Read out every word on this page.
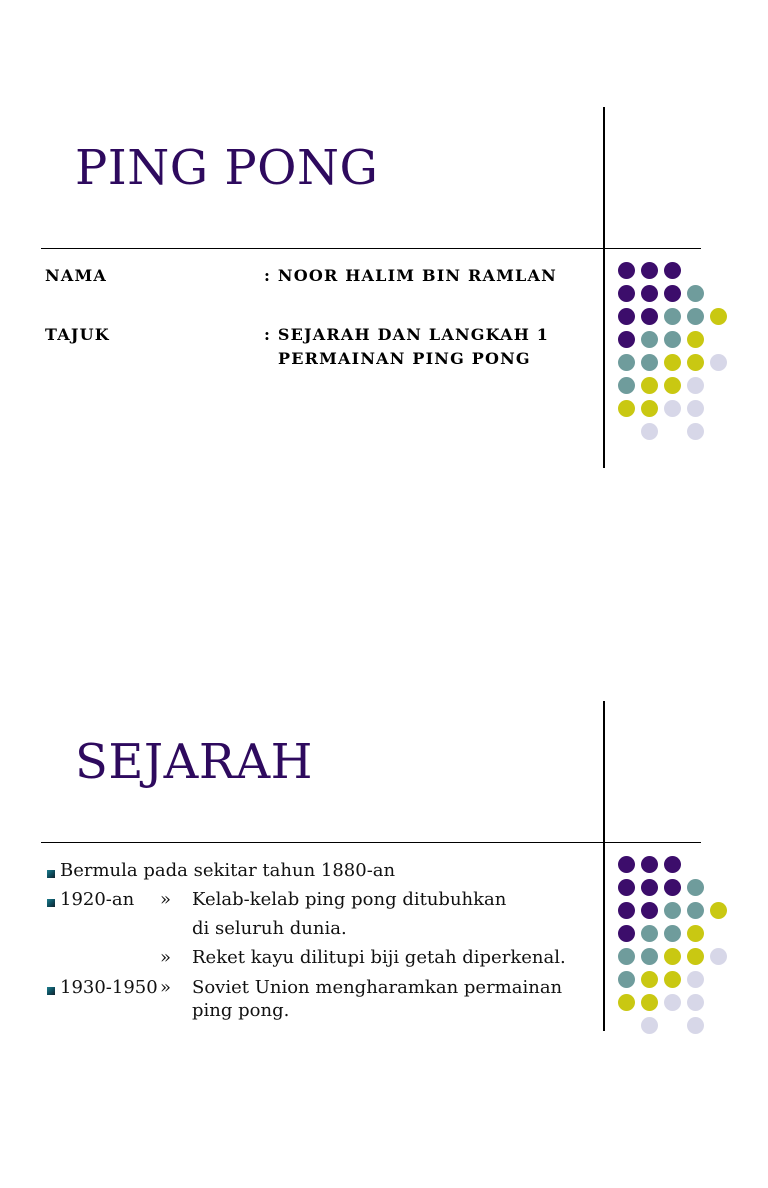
PING PONG

NAMA	: NOOR HALIM BIN RAMLAN

TAJUK	: SEJARAH DAN LANGKAH 1
PERMAINAN PING PONG

SEJARAH

Bermula pada sekitar tahun 1880-an

1920-an » Kelab-kelab ping pong ditubuhkan

di seluruh dunia.

» Reket kayu dilitupi biji getah diperkenal.

1930-1950 » Soviet Union mengharamkan permainan

ping pong.
